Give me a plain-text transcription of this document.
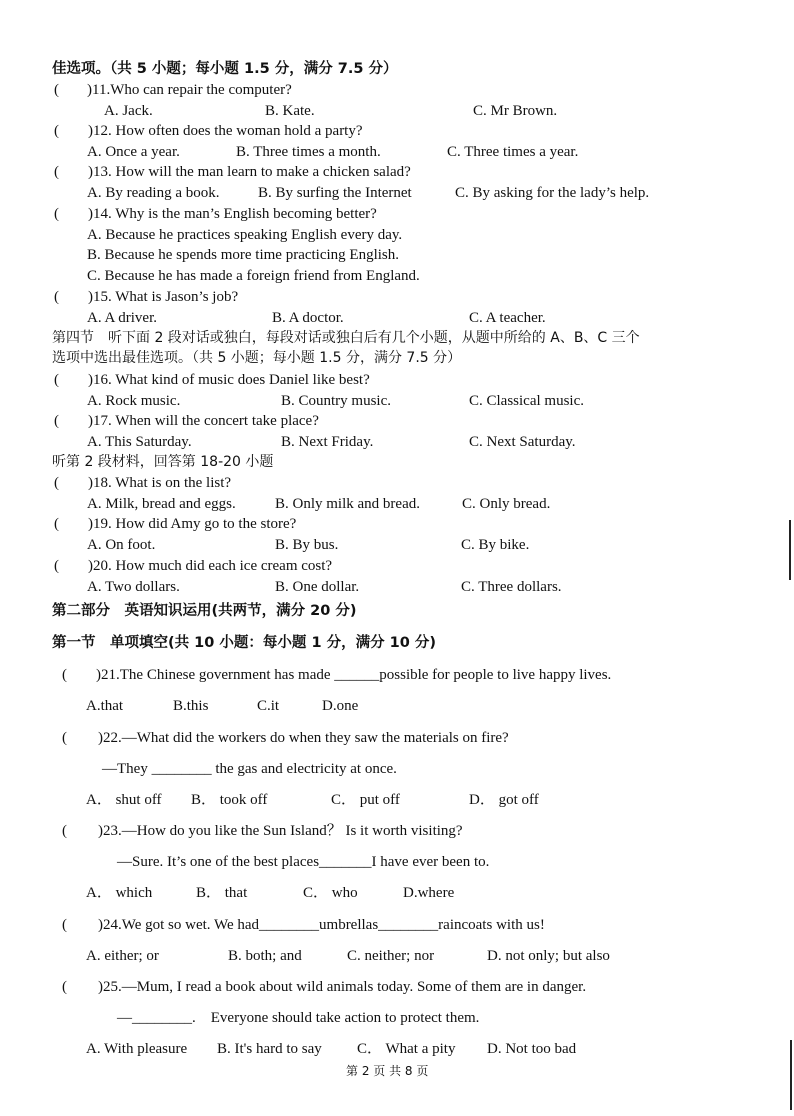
佳选项。（共 5 小题；每小题 1.5 分，满分 7.5 分）
( )11.Who can repair the computer?
A. Jack.	B. Kate.	C. Mr Brown.
( )12. How often does the woman hold a party?
A. Once a year.	B. Three times a month.	C. Three times a year.
( )13. How will the man learn to make a chicken salad?
A. By reading a book.	B. By surfing the Internet	C. By asking for the lady’s help.
( )14. Why is the man’s English becoming better?
A. Because he practices speaking English every day.
B. Because he spends more time practicing English.
C. Because he has made a foreign friend from England.
( )15. What is Jason’s job?
A. A driver.	B. A doctor.	C. A teacher.
第四节　听下面 2 段对话或独白，每段对话或独白后有几个小题，从题中所给的 A、B、C 三个
选项中选出最佳选项。（共 5 小题；每小题 1.5 分，满分 7.5 分）
( )16. What kind of music does Daniel like best?
A. Rock music.	B. Country music.	C. Classical music.
( )17. When will the concert take place?
A. This Saturday.	B. Next Friday.	C. Next Saturday.
听第 2 段材料，回答第 18-20 小题
( )18. What is on the list?
A. Milk, bread and eggs.	B. Only milk and bread.	C. Only bread.
( )19. How did Amy go to the store?
A. On foot.	B. By bus.	C. By bike.
( )20. How much did each ice cream cost?
A. Two dollars.	B. One dollar.	C. Three dollars.
第二部分　英语知识运用(共两节，满分 20 分)
第一节　单项填空(共 10 小题：每小题 1 分，满分 10 分)
( )21.The Chinese government has made ______possible for people to live happy lives.
A.that	B.this	C.it	D.one
( )22.—What did the workers do when they saw the materials on fire?
—They ________ the gas and electricity at once.
A． shut off B． took off	C． put off	D． got off
( )23.—How do you like the Sun Island？ Is it worth visiting?
—Sure. It’s one of the best places_______I have ever been to.
A． which	B． that	C． who	D.where
( )24.We got so wet. We had________umbrellas________raincoats with us!
A. either; or	B. both; and	C. neither; nor	D. not only; but also
( )25.—Mum, I read a book about wild animals today. Some of them are in danger.
—________.　Everyone should take action to protect them.
A. With pleasure B. It's hard to say C． What a pity D. Not too bad
第 2 页 共 8 页
